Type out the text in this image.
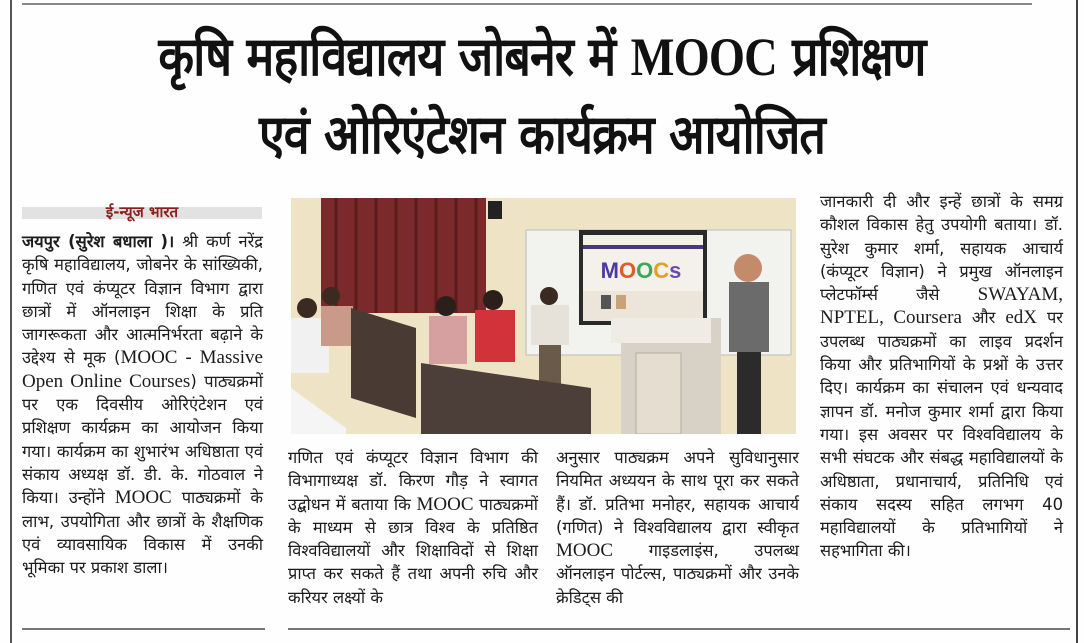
कृषि महाविद्यालय जोबनेर में MOOC प्रशिक्षण
एवं ओरिएंटेशन कार्यक्रम आयोजित
ई-न्यूज भारत

जयपुर (सुरेश बधाला )। श्री कर्ण नरेंद्र कृषि महाविद्यालय, जोबनेर के सांख्यिकी, गणित एवं कंप्यूटर विज्ञान विभाग द्वारा छात्रों में ऑनलाइन शिक्षा के प्रति जागरूकता और आत्मनिर्भरता बढ़ाने के उद्देश्य से मूक (MOOC - Massive Open Online Courses) पाठ्यक्रमों पर एक दिवसीय ओरिएंटेशन एवं प्रशिक्षण कार्यक्रम का आयोजन किया गया। कार्यक्रम का शुभारंभ अधिष्ठाता एवं संकाय अध्यक्ष डॉ. डी. के. गोठवाल ने किया। उन्होंने MOOC पाठ्यक्रमों के लाभ, उपयोगिता और छात्रों के शैक्षणिक एवं व्यावसायिक विकास में उनकी भूमिका पर प्रकाश डाला।

MOOCs

गणित एवं कंप्यूटर विज्ञान विभाग की विभागाध्यक्ष डॉ. किरण गौड़ ने स्वागत उद्बोधन में बताया कि MOOC पाठ्यक्रमों के माध्यम से छात्र विश्व के प्रतिष्ठित विश्वविद्यालयों और शिक्षाविदों से शिक्षा प्राप्त कर सकते हैं तथा अपनी रुचि और करियर लक्ष्यों के

अनुसार पाठ्यक्रम अपने सुविधानुसार नियमित अध्ययन के साथ पूरा कर सकते हैं। डॉ. प्रतिभा मनोहर, सहायक आचार्य (गणित) ने विश्वविद्यालय द्वारा स्वीकृत MOOC गाइडलाइंस, उपलब्ध ऑनलाइन पोर्टल्स, पाठ्यक्रमों और उनके क्रेडिट्स की

जानकारी दी और इन्हें छात्रों के समग्र कौशल विकास हेतु उपयोगी बताया। डॉ. सुरेश कुमार शर्मा, सहायक आचार्य (कंप्यूटर विज्ञान) ने प्रमुख ऑनलाइन प्लेटफॉर्म्स जैसे SWAYAM, NPTEL, Coursera और edX पर उपलब्ध पाठ्यक्रमों का लाइव प्रदर्शन किया और प्रतिभागियों के प्रश्नों के उत्तर दिए। कार्यक्रम का संचालन एवं धन्यवाद ज्ञापन डॉ. मनोज कुमार शर्मा द्वारा किया गया। इस अवसर पर विश्वविद्यालय के सभी संघटक और संबद्ध महाविद्यालयों के अधिष्ठाता, प्रधानाचार्य, प्रतिनिधि एवं संकाय सदस्य सहित लगभग 40 महाविद्यालयों के प्रतिभागियों ने सहभागिता की।
